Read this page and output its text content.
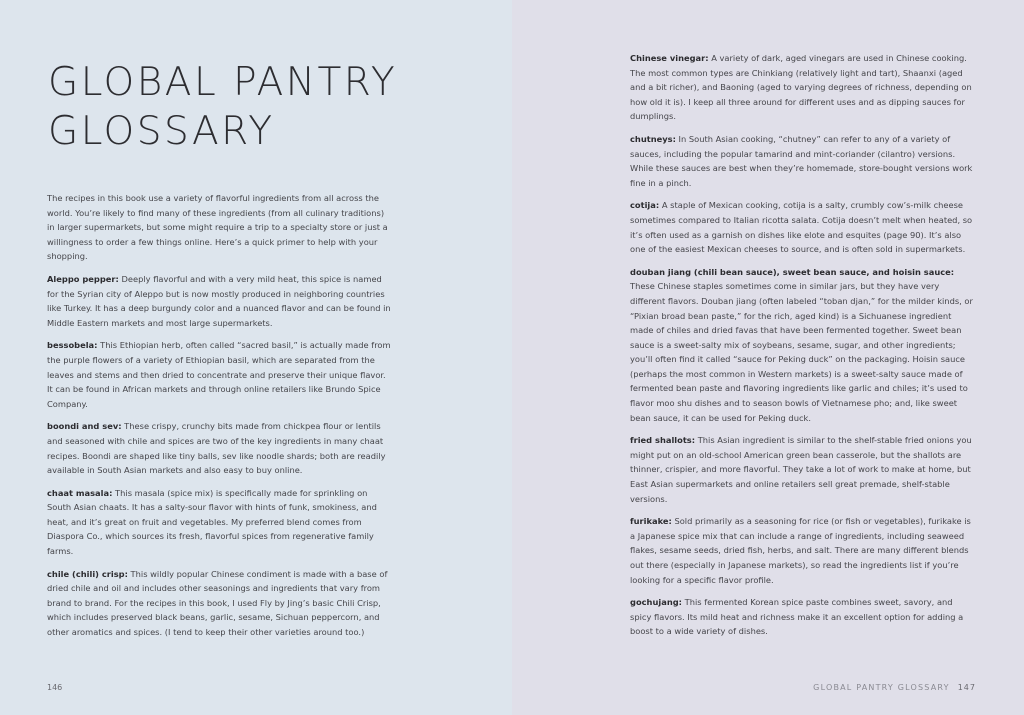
GLOBAL PANTRY
GLOSSARY

The recipes in this book use a variety of flavorful ingredients from all across the world. You’re likely to find many of these ingredients (from all culinary traditions) in larger supermarkets, but some might require a trip to a specialty store or just a willingness to order a few things online. Here’s a quick primer to help with your shopping.

Aleppo pepper: Deeply flavorful and with a very mild heat, this spice is named for the Syrian city of Aleppo but is now mostly produced in neighboring countries like Turkey. It has a deep burgundy color and a nuanced flavor and can be found in Middle Eastern markets and most large supermarkets.

bessobela: This Ethiopian herb, often called “sacred basil,” is actually made from the purple flowers of a variety of Ethiopian basil, which are separated from the leaves and stems and then dried to concentrate and preserve their unique flavor. It can be found in African markets and through online retailers like Brundo Spice Company.

boondi and sev: These crispy, crunchy bits made from chickpea flour or lentils and seasoned with chile and spices are two of the key ingredients in many chaat recipes. Boondi are shaped like tiny balls, sev like noodle shards; both are readily available in South Asian markets and also easy to buy online.

chaat masala: This masala (spice mix) is specifically made for sprinkling on South Asian chaats. It has a salty-sour flavor with hints of funk, smokiness, and heat, and it’s great on fruit and vegetables. My preferred blend comes from Diaspora Co., which sources its fresh, flavorful spices from regenerative family farms.

chile (chili) crisp: This wildly popular Chinese condiment is made with a base of dried chile and oil and includes other seasonings and ingredients that vary from brand to brand. For the recipes in this book, I used Fly by Jing’s basic Chili Crisp, which includes preserved black beans, garlic, sesame, Sichuan peppercorn, and other aromatics and spices. (I tend to keep their other varieties around too.)

146

Chinese vinegar: A variety of dark, aged vinegars are used in Chinese cooking. The most common types are Chinkiang (relatively light and tart), Shaanxi (aged and a bit richer), and Baoning (aged to varying degrees of richness, depending on how old it is). I keep all three around for different uses and as dipping sauces for dumplings.

chutneys: In South Asian cooking, “chutney” can refer to any of a variety of sauces, including the popular tamarind and mint-coriander (cilantro) versions. While these sauces are best when they’re homemade, store-bought versions work fine in a pinch.

cotija: A staple of Mexican cooking, cotija is a salty, crumbly cow’s-milk cheese sometimes compared to Italian ricotta salata. Cotija doesn’t melt when heated, so it’s often used as a garnish on dishes like elote and esquites (page 90). It’s also one of the easiest Mexican cheeses to source, and is often sold in supermarkets.

douban jiang (chili bean sauce), sweet bean sauce, and hoisin sauce: These Chinese staples sometimes come in similar jars, but they have very different flavors. Douban jiang (often labeled “toban djan,” for the milder kinds, or “Pixian broad bean paste,” for the rich, aged kind) is a Sichuanese ingredient made of chiles and dried favas that have been fermented together. Sweet bean sauce is a sweet-salty mix of soybeans, sesame, sugar, and other ingredients; you’ll often find it called “sauce for Peking duck” on the packaging. Hoisin sauce (perhaps the most common in Western markets) is a sweet-salty sauce made of fermented bean paste and flavoring ingredients like garlic and chiles; it’s used to flavor moo shu dishes and to season bowls of Vietnamese pho; and, like sweet bean sauce, it can be used for Peking duck.

fried shallots: This Asian ingredient is similar to the shelf-stable fried onions you might put on an old-school American green bean casserole, but the shallots are thinner, crispier, and more flavorful. They take a lot of work to make at home, but East Asian supermarkets and online retailers sell great premade, shelf-stable versions.

furikake: Sold primarily as a seasoning for rice (or fish or vegetables), furikake is a Japanese spice mix that can include a range of ingredients, including seaweed flakes, sesame seeds, dried fish, herbs, and salt. There are many different blends out there (especially in Japanese markets), so read the ingredients list if you’re looking for a specific flavor profile.

gochujang: This fermented Korean spice paste combines sweet, savory, and spicy flavors. Its mild heat and richness make it an excellent option for adding a boost to a wide variety of dishes.

GLOBAL PANTRY GLOSSARY 147
